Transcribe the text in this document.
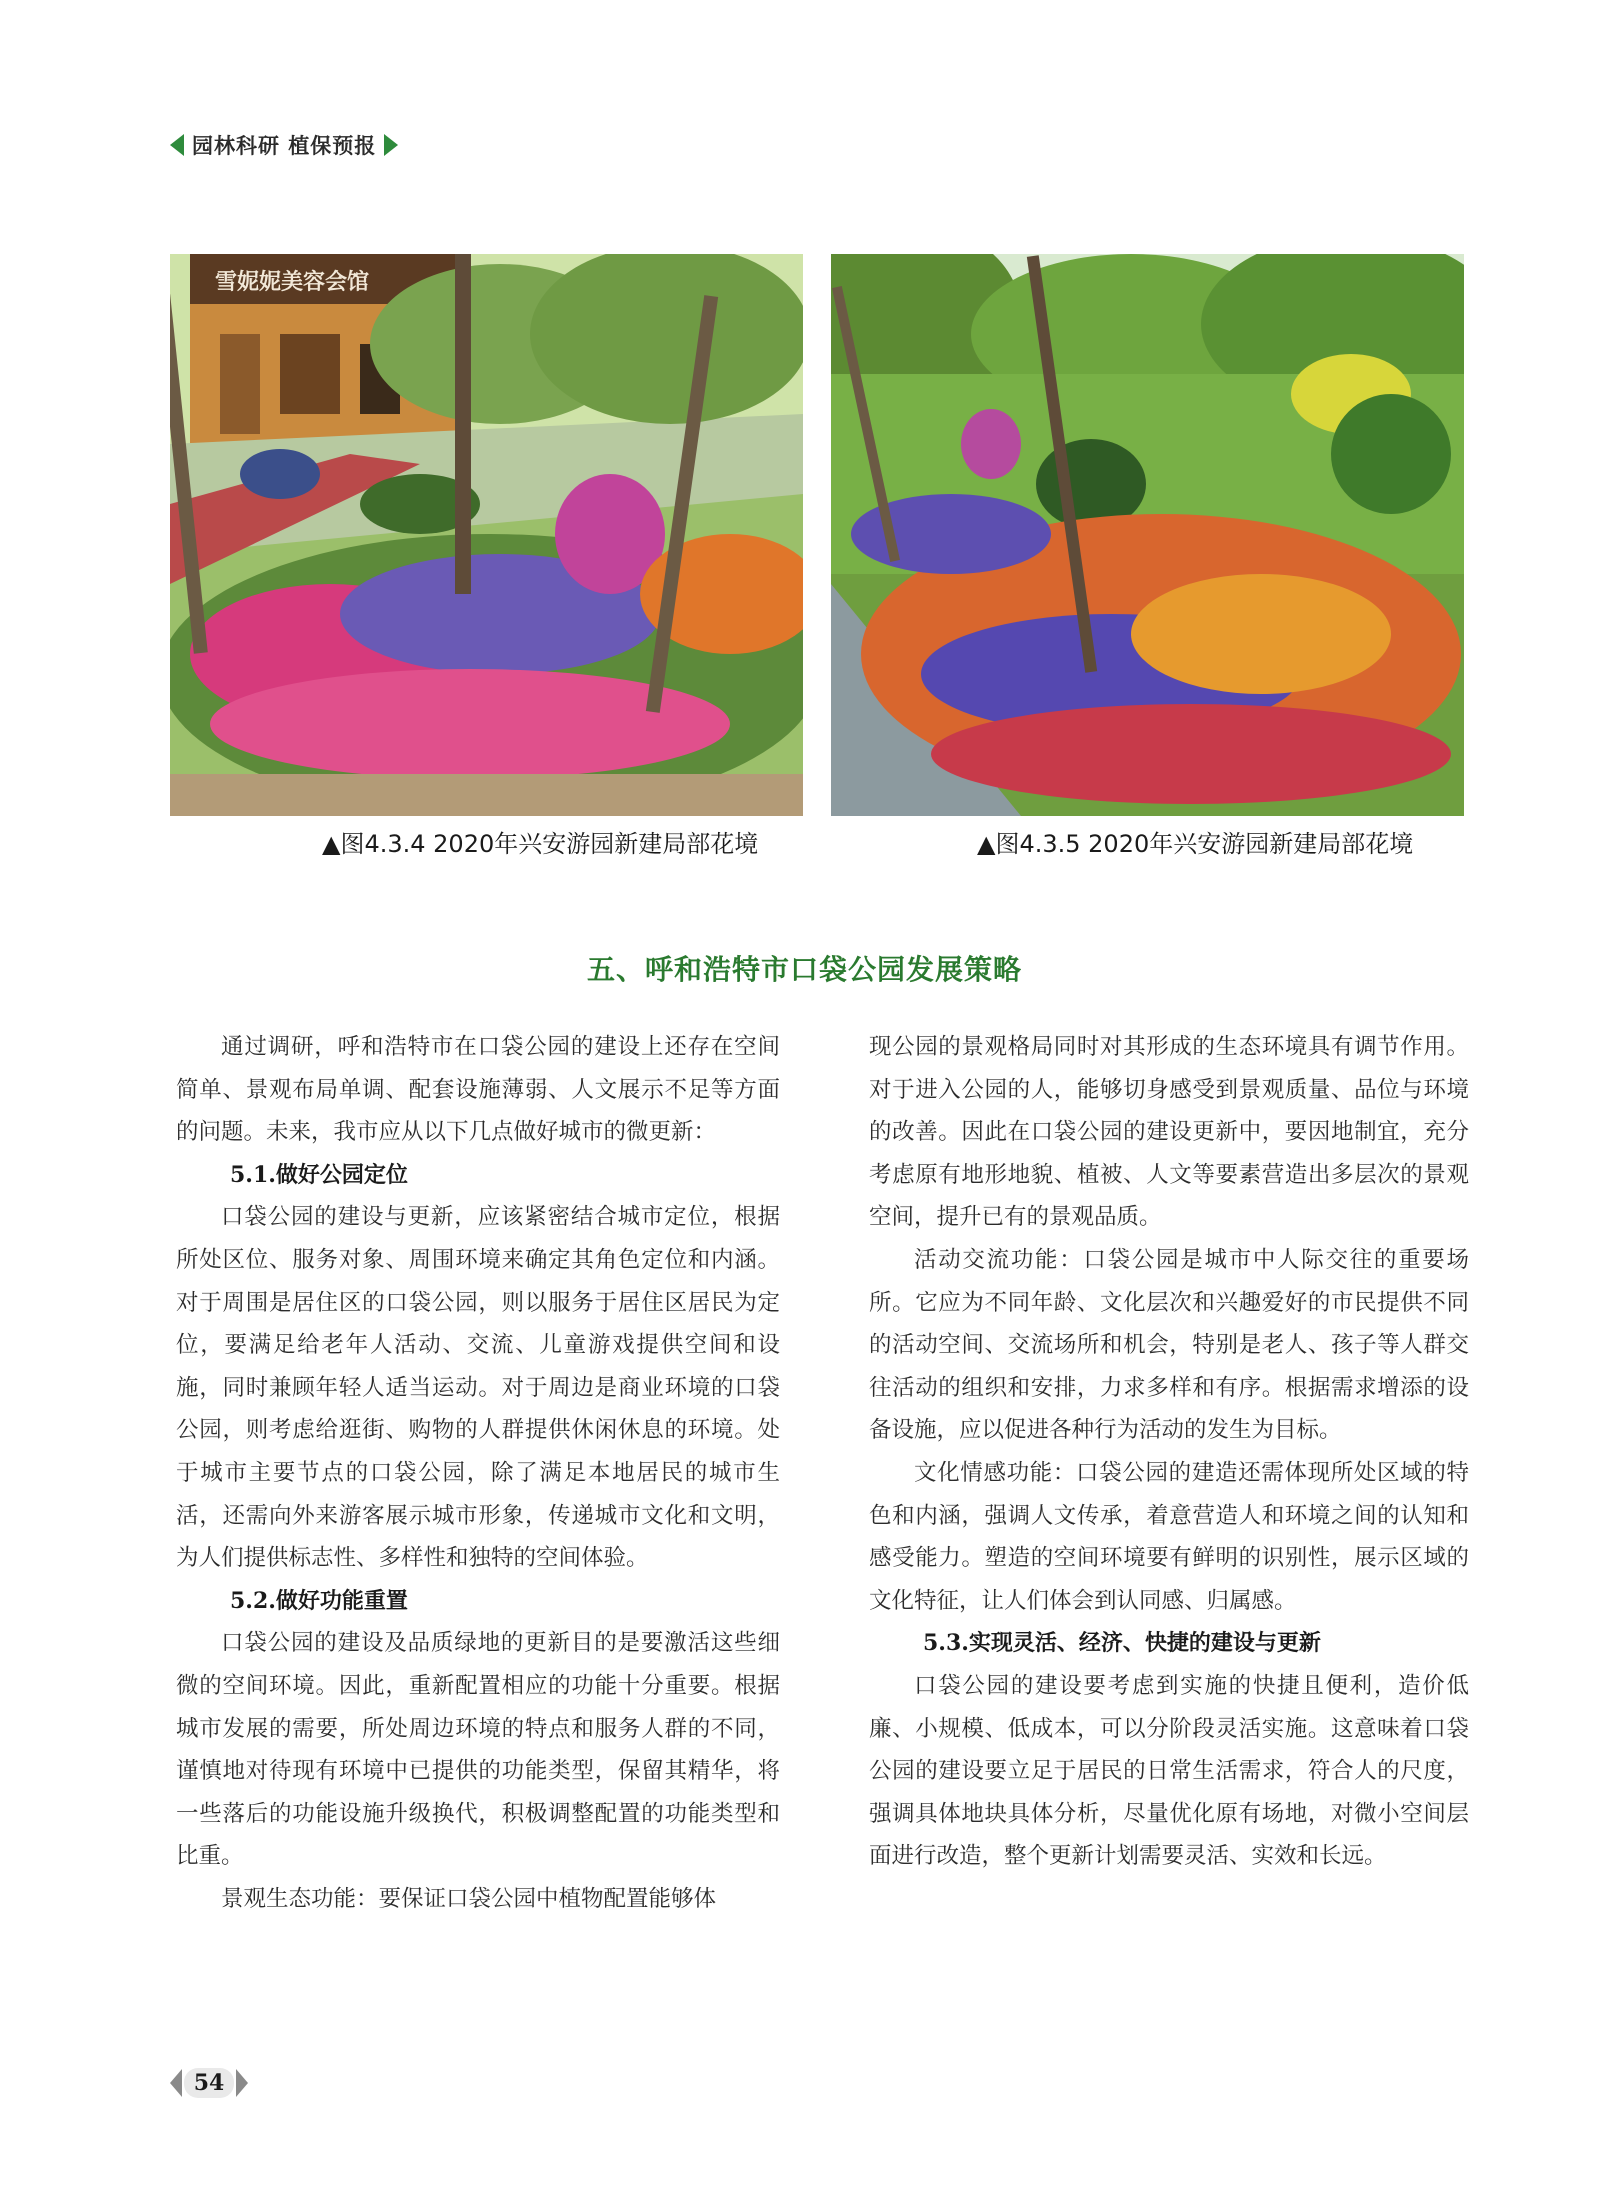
园林科研 植保预报
雪妮妮美容会馆
▲图4.3.4 2020年兴安游园新建局部花境	▲图4.3.5 2020年兴安游园新建局部花境
五、呼和浩特市口袋公园发展策略

通过调研，呼和浩特市在口袋公园的建设上还存在空间简单、景观布局单调、配套设施薄弱、人文展示不足等方面的问题。未来，我市应从以下几点做好城市的微更新：

5.1.做好公园定位

口袋公园的建设与更新，应该紧密结合城市定位，根据所处区位、服务对象、周围环境来确定其角色定位和内涵。对于周围是居住区的口袋公园，则以服务于居住区居民为定位，要满足给老年人活动、交流、儿童游戏提供空间和设施，同时兼顾年轻人适当运动。对于周边是商业环境的口袋公园，则考虑给逛街、购物的人群提供休闲休息的环境。处于城市主要节点的口袋公园，除了满足本地居民的城市生活，还需向外来游客展示城市形象，传递城市文化和文明，为人们提供标志性、多样性和独特的空间体验。

5.2.做好功能重置

口袋公园的建设及品质绿地的更新目的是要激活这些细微的空间环境。因此，重新配置相应的功能十分重要。根据城市发展的需要，所处周边环境的特点和服务人群的不同，谨慎地对待现有环境中已提供的功能类型，保留其精华，将一些落后的功能设施升级换代，积极调整配置的功能类型和比重。

景观生态功能：要保证口袋公园中植物配置能够体

现公园的景观格局同时对其形成的生态环境具有调节作用。对于进入公园的人，能够切身感受到景观质量、品位与环境的改善。因此在口袋公园的建设更新中，要因地制宜，充分考虑原有地形地貌、植被、人文等要素营造出多层次的景观空间，提升已有的景观品质。

活动交流功能：口袋公园是城市中人际交往的重要场所。它应为不同年龄、文化层次和兴趣爱好的市民提供不同的活动空间、交流场所和机会，特别是老人、孩子等人群交往活动的组织和安排，力求多样和有序。根据需求增添的设备设施，应以促进各种行为活动的发生为目标。

文化情感功能：口袋公园的建造还需体现所处区域的特色和内涵，强调人文传承，着意营造人和环境之间的认知和感受能力。塑造的空间环境要有鲜明的识别性，展示区域的文化特征，让人们体会到认同感、归属感。

5.3.实现灵活、经济、快捷的建设与更新

口袋公园的建设要考虑到实施的快捷且便利，造价低廉、小规模、低成本，可以分阶段灵活实施。这意味着口袋公园的建设要立足于居民的日常生活需求，符合人的尺度，强调具体地块具体分析，尽量优化原有场地，对微小空间层面进行改造，整个更新计划需要灵活、实效和长远。

54
